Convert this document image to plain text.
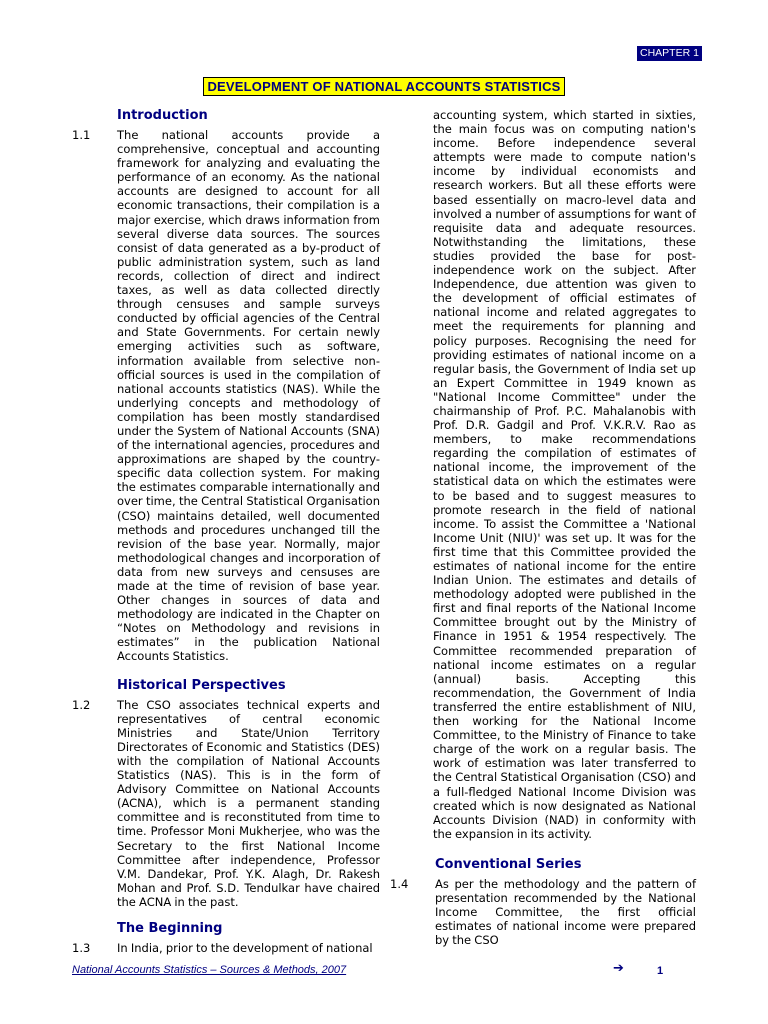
CHAPTER 1
DEVELOPMENT OF NATIONAL ACCOUNTS STATISTICS
Introduction
1.1	The national accounts provide a comprehensive, conceptual and accounting framework for analyzing and evaluating the performance of an economy. As the national accounts are designed to account for all economic transactions, their compilation is a major exercise, which draws information from several diverse data sources. The sources consist of data generated as a by-product of public administration system, such as land records, collection of direct and indirect taxes, as well as data collected directly through censuses and sample surveys conducted by official agencies of the Central and State Governments. For certain newly emerging activities such as software, information available from selective non-official sources is used in the compilation of national accounts statistics (NAS). While the underlying concepts and methodology of compilation has been mostly standardised under the System of National Accounts (SNA) of the international agencies, procedures and approximations are shaped by the country-specific data collection system. For making the estimates comparable internationally and over time, the Central Statistical Organisation (CSO) maintains detailed, well documented methods and procedures unchanged till the revision of the base year. Normally, major methodological changes and incorporation of data from new surveys and censuses are made at the time of revision of base year. Other changes in sources of data and methodology are indicated in the Chapter on “Notes on Methodology and revisions in estimates” in the publication National Accounts Statistics.
Historical Perspectives
1.2	The CSO associates technical experts and representatives of central economic Ministries and State/Union Territory Directorates of Economic and Statistics (DES) with the compilation of National Accounts Statistics (NAS). This is in the form of Advisory Committee on National Accounts (ACNA), which is a permanent standing committee and is reconstituted from time to time. Professor Moni Mukherjee, who was the Secretary to the first National Income Committee after independence, Professor V.M. Dandekar, Prof. Y.K. Alagh, Dr. Rakesh Mohan and Prof. S.D. Tendulkar have chaired the ACNA in the past.
The Beginning
1.3	In India, prior to the development of national
accounting system, which started in sixties, the main focus was on computing nation's income. Before independence several attempts were made to compute nation's income by individual economists and research workers. But all these efforts were based essentially on macro-level data and involved a number of assumptions for want of requisite data and adequate resources. Notwithstanding the limitations, these studies provided the base for post-independence work on the subject. After Independence, due attention was given to the development of official estimates of national income and related aggregates to meet the requirements for planning and policy purposes. Recognising the need for providing estimates of national income on a regular basis, the Government of India set up an Expert Committee in 1949 known as "National Income Committee" under the chairmanship of Prof. P.C. Mahalanobis with Prof. D.R. Gadgil and Prof. V.K.R.V. Rao as members, to make recommendations regarding the compilation of estimates of national income, the improvement of the statistical data on which the estimates were to be based and to suggest measures to promote research in the field of national income. To assist the Committee a 'National Income Unit (NIU)' was set up. It was for the first time that this Committee provided the estimates of national income for the entire Indian Union. The estimates and details of methodology adopted were published in the first and final reports of the National Income Committee brought out by the Ministry of Finance in 1951 & 1954 respectively. The Committee recommended preparation of national income estimates on a regular (annual) basis. Accepting this recommendation, the Government of India transferred the entire establishment of NIU, then working for the National Income Committee, to the Ministry of Finance to take charge of the work on a regular basis. The work of estimation was later transferred to the Central Statistical Organisation (CSO) and a full-fledged National Income Division was created which is now designated as National Accounts Division (NAD) in conformity with the expansion in its activity.
Conventional Series
1.4	As per the methodology and the pattern of presentation recommended by the National Income Committee, the first official estimates of national income were prepared by the CSO
National Accounts Statistics – Sources & Methods, 2007	➔	1
